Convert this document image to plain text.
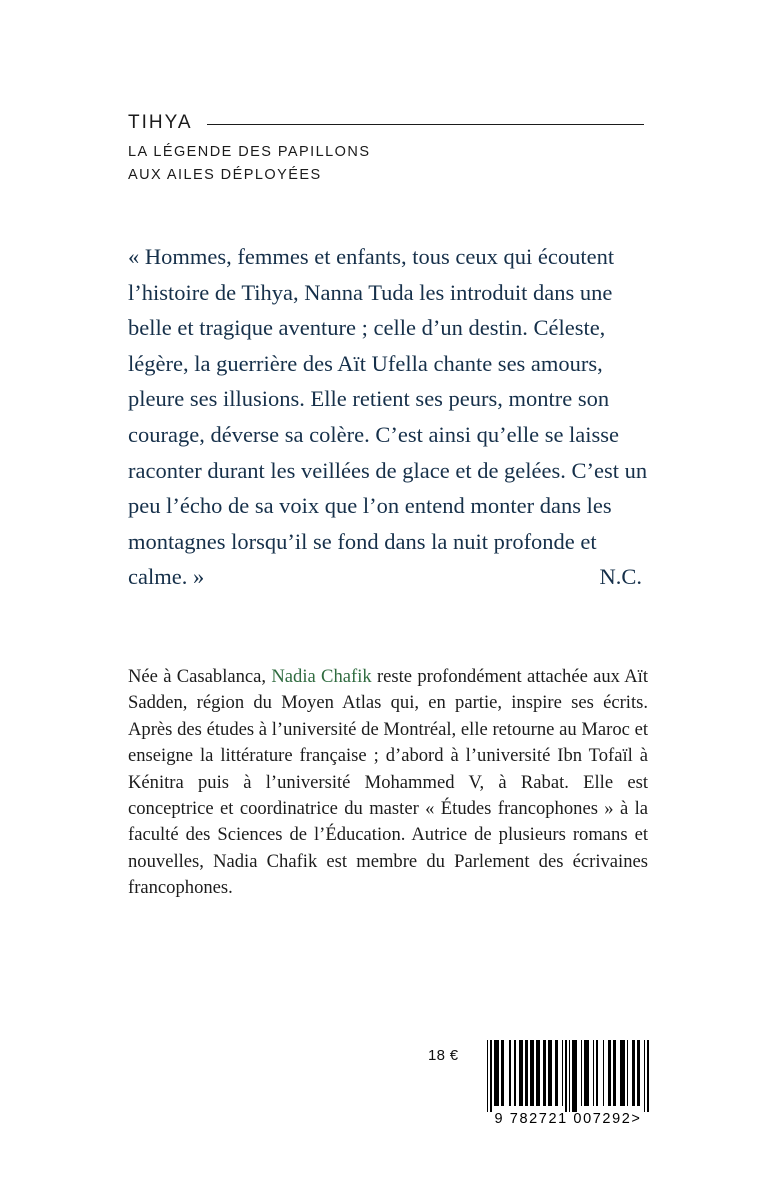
TIHYA
LA LÉGENDE DES PAPILLONS
AUX AILES DÉPLOYÉES

« Hommes, femmes et enfants, tous ceux qui écoutent l’histoire de Tihya, Nanna Tuda les introduit dans une belle et tragique aventure ; celle d’un destin. Céleste, légère, la guerrière des Aït Ufella chante ses amours, pleure ses illusions. Elle retient ses peurs, montre son courage, déverse sa colère. C’est ainsi qu’elle se laisse raconter durant les veillées de glace et de gelées. C’est un peu l’écho de sa voix que l’on entend monter dans les montagnes lorsqu’il se fond dans la nuit profonde et calme. »	N.C.

Née à Casablanca, Nadia Chafik reste profondément attachée aux Aït Sadden, région du Moyen Atlas qui, en partie, inspire ses écrits. Après des études à l’université de Montréal, elle retourne au Maroc et enseigne la littérature française ; d’abord à l’université Ibn Tofaïl à Kénitra puis à l’université Mohammed V, à Rabat. Elle est conceptrice et coordinatrice du master « Études francophones » à la faculté des Sciences de l’Éducation. Autrice de plusieurs romans et nouvelles, Nadia Chafik est membre du Parlement des écrivaines francophones.

18 €
9 782721 007292>
